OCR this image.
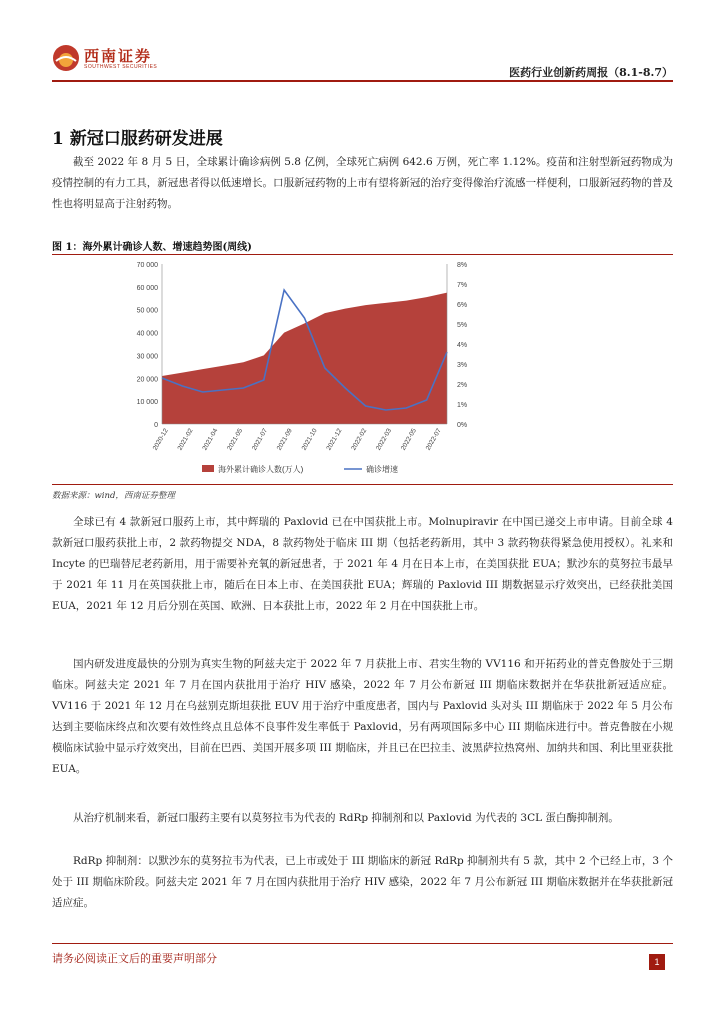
西南证券
SOUTHWEST SECURITIES	医药行业创新药周报（8.1-8.7）
1 新冠口服药研发进展

截至 2022 年 8 月 5 日，全球累计确诊病例 5.8 亿例，全球死亡病例 642.6 万例，死亡率 1.12%。疫苗和注射型新冠药物成为疫情控制的有力工具，新冠患者得以低速增长。口服新冠药物的上市有望将新冠的治疗变得像治疗流感一样便利，口服新冠药物的普及性也将明显高于注射药物。

图 1：海外累计确诊人数、增速趋势图(周线)
0
10 000
20 000
30 000
40 000
50 000
60 000
70 000
0%
1%
2%
3%
4%
5%
6%
7%
8%
2020-12 2021-02 2021-04 2021-05 2021-07 2021-09 2021-10 2021-12 2022-02 2022-03 2022-05 2022-07
海外累计确诊人数(万人)	确诊增速
数据来源：wind，西南证券整理

全球已有 4 款新冠口服药上市，其中辉瑞的 Paxlovid 已在中国获批上市。Molnupiravir 在中国已递交上市申请。目前全球 4 款新冠口服药获批上市，2 款药物提交 NDA，8 款药物处于临床 III 期（包括老药新用，其中 3 款药物获得紧急使用授权）。礼来和 Incyte 的巴瑞替尼老药新用，用于需要补充氧的新冠患者，于 2021 年 4 月在日本上市，在美国获批 EUA；默沙东的莫努拉韦最早于 2021 年 11 月在英国获批上市，随后在日本上市、在美国获批 EUA；辉瑞的 Paxlovid III 期数据显示疗效突出，已经获批美国 EUA，2021 年 12 月后分别在英国、欧洲、日本获批上市，2022 年 2 月在中国获批上市。

国内研发进度最快的分别为真实生物的阿兹夫定于 2022 年 7 月获批上市、君实生物的 VV116 和开拓药业的普克鲁胺处于三期临床。阿兹夫定 2021 年 7 月在国内获批用于治疗 HIV 感染，2022 年 7 月公布新冠 III 期临床数据并在华获批新冠适应症。VV116 于 2021 年 12 月在乌兹别克斯坦获批 EUV 用于治疗中重度患者，国内与 Paxlovid 头对头 III 期临床于 2022 年 5 月公布达到主要临床终点和次要有效性终点且总体不良事件发生率低于 Paxlovid，另有两项国际多中心 III 期临床进行中。普克鲁胺在小规模临床试验中显示疗效突出，目前在巴西、美国开展多项 III 期临床，并且已在巴拉圭、波黑萨拉热窝州、加纳共和国、利比里亚获批 EUA。

从治疗机制来看，新冠口服药主要有以莫努拉韦为代表的 RdRp 抑制剂和以 Paxlovid 为代表的 3CL 蛋白酶抑制剂。

RdRp 抑制剂：以默沙东的莫努拉韦为代表，已上市或处于 III 期临床的新冠 RdRp 抑制剂共有 5 款，其中 2 个已经上市，3 个处于 III 期临床阶段。阿兹夫定 2021 年 7 月在国内获批用于治疗 HIV 感染，2022 年 7 月公布新冠 III 期临床数据并在华获批新冠适应症。

请务必阅读正文后的重要声明部分	1
